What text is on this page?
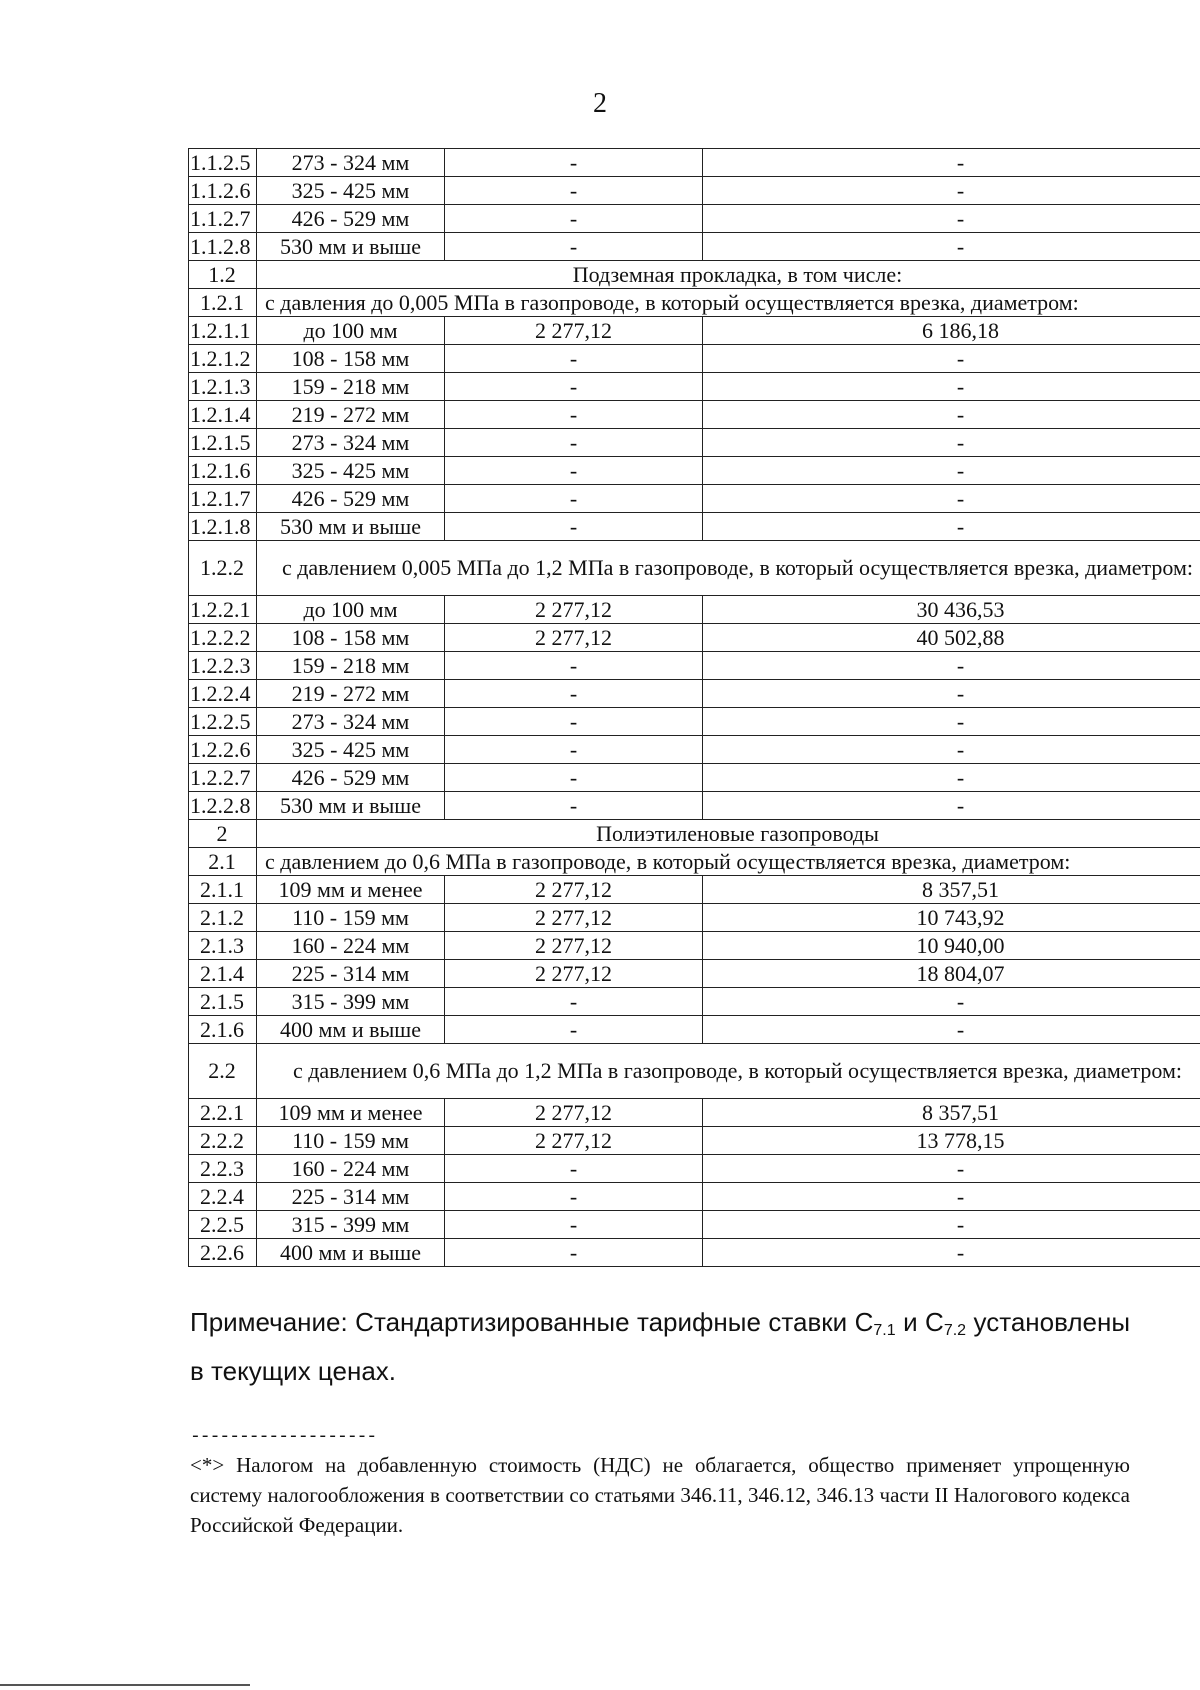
2
1.1.2.5	273 - 324 мм	-	-
1.1.2.6	325 - 425 мм	-	-
1.1.2.7	426 - 529 мм	-	-
1.1.2.8	530 мм и выше	-	-
1.2	Подземная прокладка, в том числе:		
1.2.1	с давления до 0,005 МПа в газопроводе, в который осуществляется врезка, диаметром:		
1.2.1.1	до 100 мм	2 277,12	6 186,18
1.2.1.2	108 - 158 мм	-	-
1.2.1.3	159 - 218 мм	-	-
1.2.1.4	219 - 272 мм	-	-
1.2.1.5	273 - 324 мм	-	-
1.2.1.6	325 - 425 мм	-	-
1.2.1.7	426 - 529 мм	-	-
1.2.1.8	530 мм и выше	-	-
1.2.2	с давлением 0,005 МПа до 1,2 МПа в газопроводе, в который осуществляется врезка, диаметром:		
1.2.2.1	до 100 мм	2 277,12	30 436,53
1.2.2.2	108 - 158 мм	2 277,12	40 502,88
1.2.2.3	159 - 218 мм	-	-
1.2.2.4	219 - 272 мм	-	-
1.2.2.5	273 - 324 мм	-	-
1.2.2.6	325 - 425 мм	-	-
1.2.2.7	426 - 529 мм	-	-
1.2.2.8	530 мм и выше	-	-
2	Полиэтиленовые газопроводы		
2.1	с давлением до 0,6 МПа в газопроводе, в который осуществляется врезка, диаметром:		
2.1.1	109 мм и менее	2 277,12	8 357,51
2.1.2	110 - 159 мм	2 277,12	10 743,92
2.1.3	160 - 224 мм	2 277,12	10 940,00
2.1.4	225 - 314 мм	2 277,12	18 804,07
2.1.5	315 - 399 мм	-	-
2.1.6	400 мм и выше	-	-
2.2	с давлением 0,6 МПа до 1,2 МПа в газопроводе, в который осуществляется врезка, диаметром:		
2.2.1	109 мм и менее	2 277,12	8 357,51
2.2.2	110 - 159 мм	2 277,12	13 778,15
2.2.3	160 - 224 мм	-	-
2.2.4	225 - 314 мм	-	-
2.2.5	315 - 399 мм	-	-
2.2.6	400 мм и выше	-	-
Примечание: Стандартизированные тарифные ставки $С_{7.1}$ и $С_{7.2}$ установлены в текущих ценах.
-------------------
<*> Налогом на добавленную стоимость (НДС) не облагается, общество применяет упрощенную систему налогообложения в соответствии со статьями 346.11, 346.12, 346.13 части II Налогового кодекса Российской Федерации.
